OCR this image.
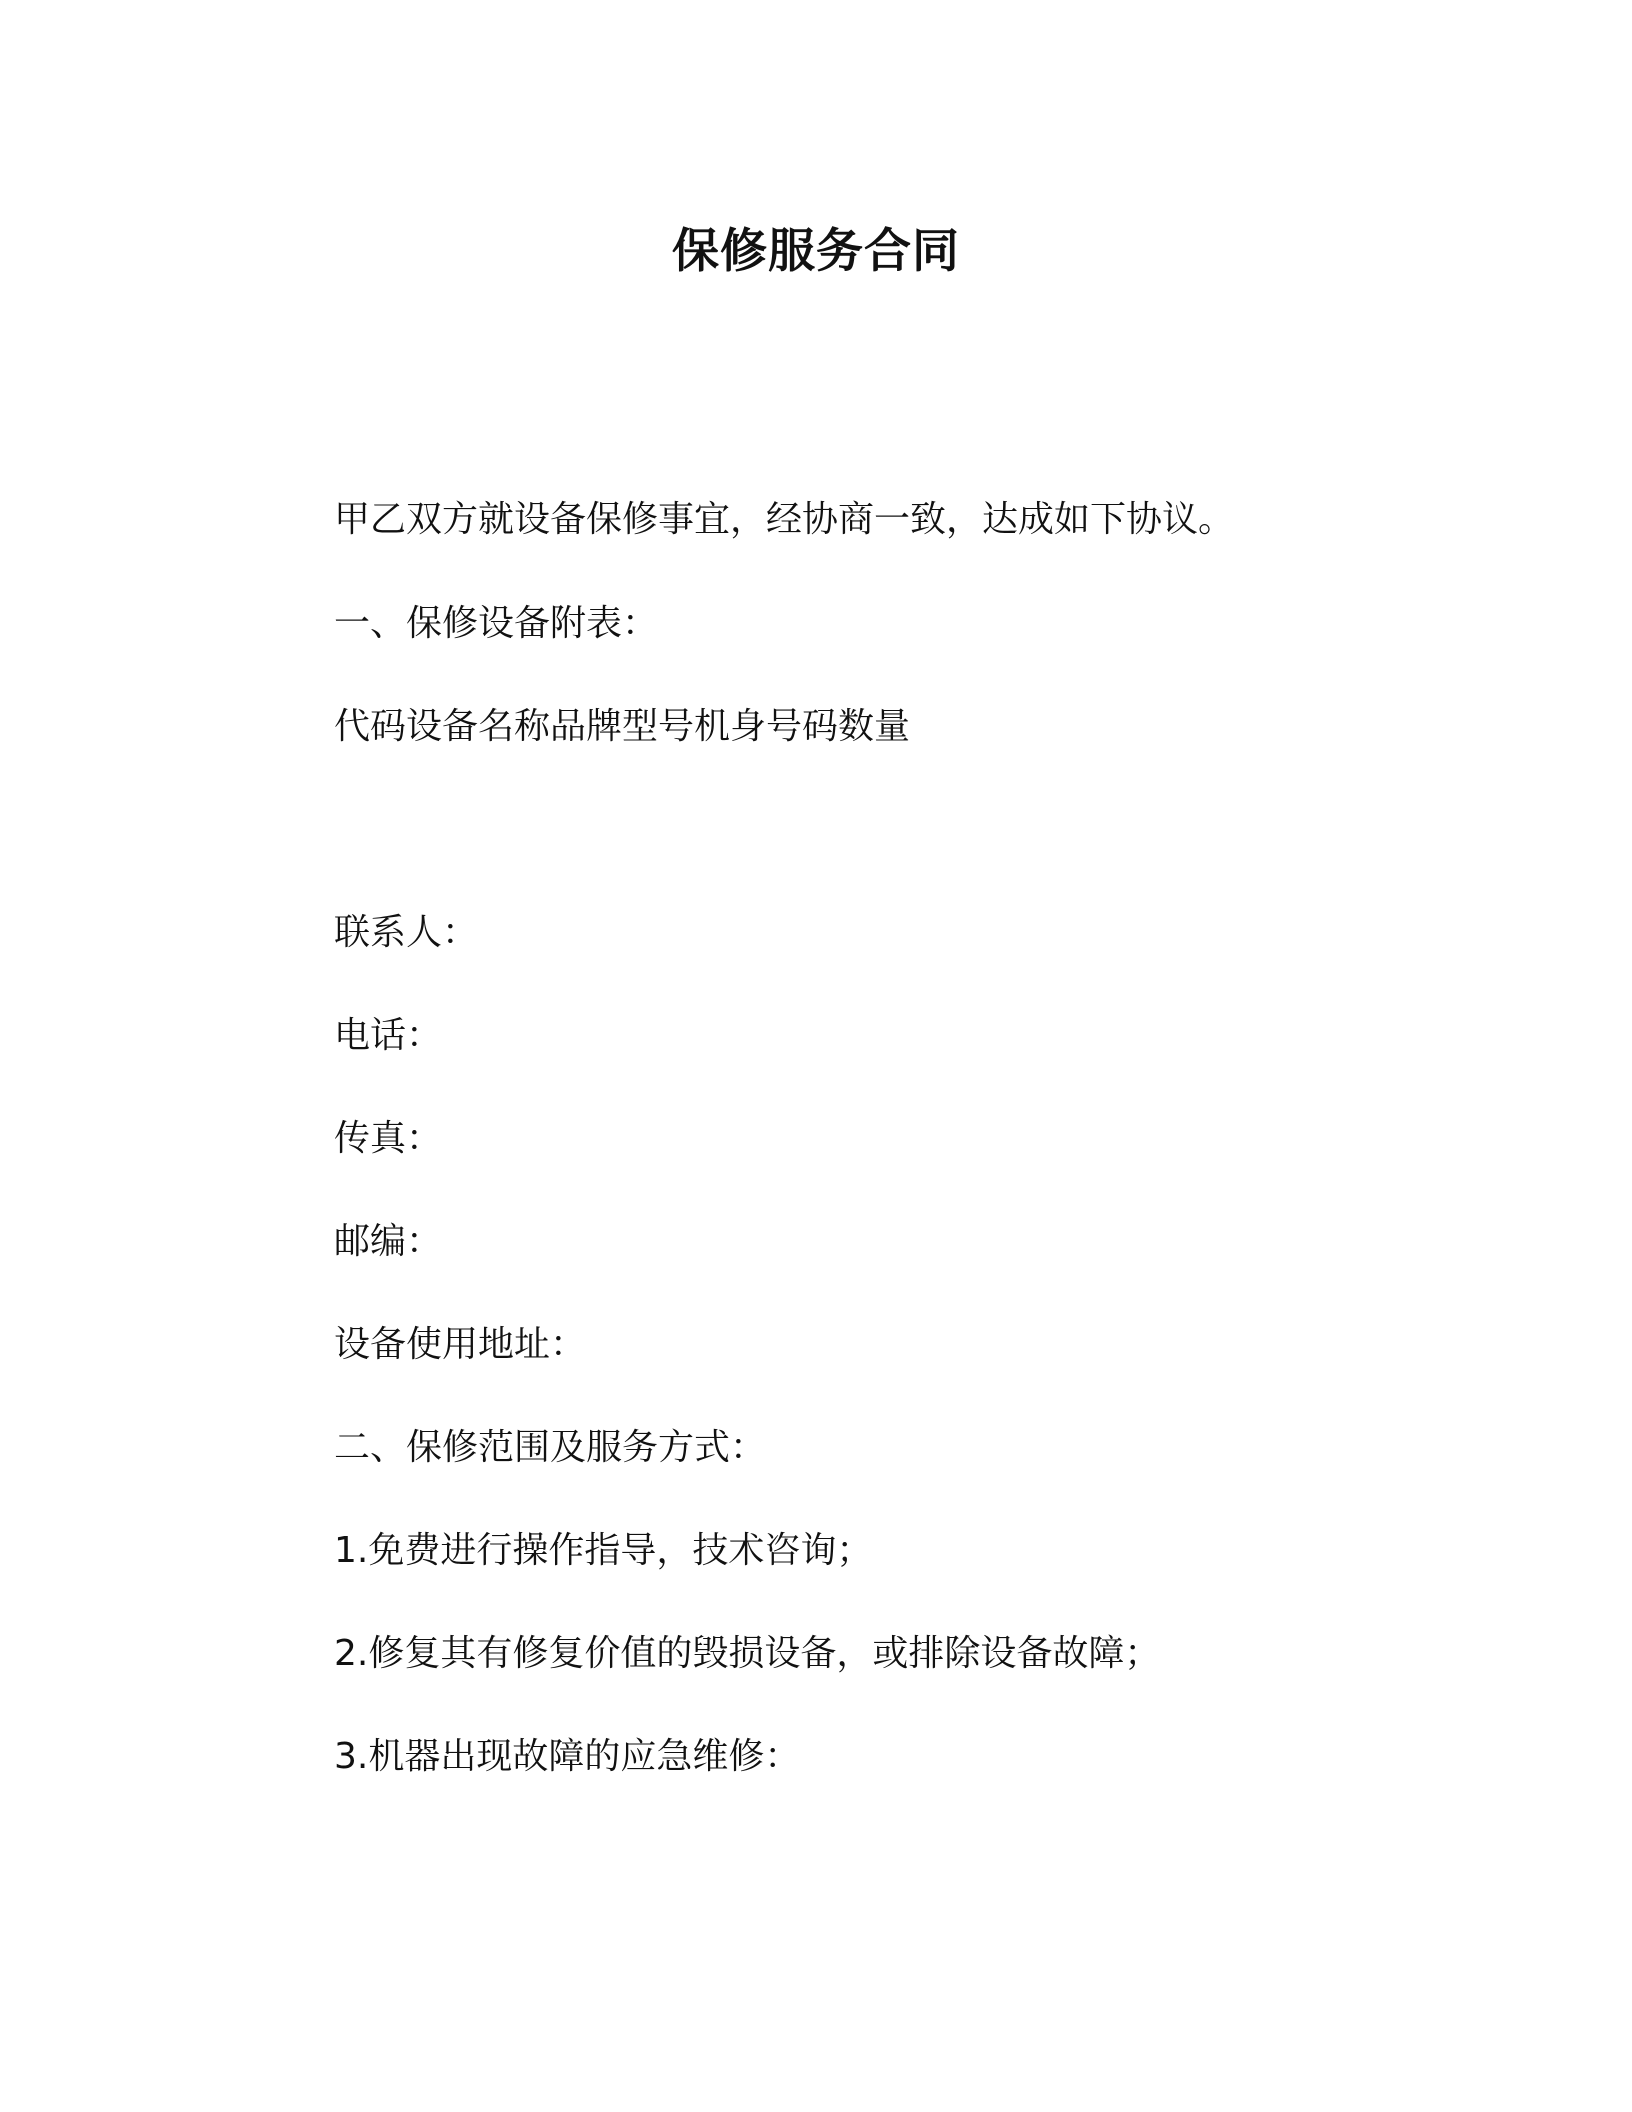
保修服务合同
甲乙双方就设备保修事宜，经协商一致，达成如下协议。
一、保修设备附表：
代码设备名称品牌型号机身号码数量
联系人：
电话：
传真：
邮编：
设备使用地址：
二、保修范围及服务方式：
1.免费进行操作指导，技术咨询；
2.修复其有修复价值的毁损设备，或排除设备故障；
3.机器出现故障的应急维修：
